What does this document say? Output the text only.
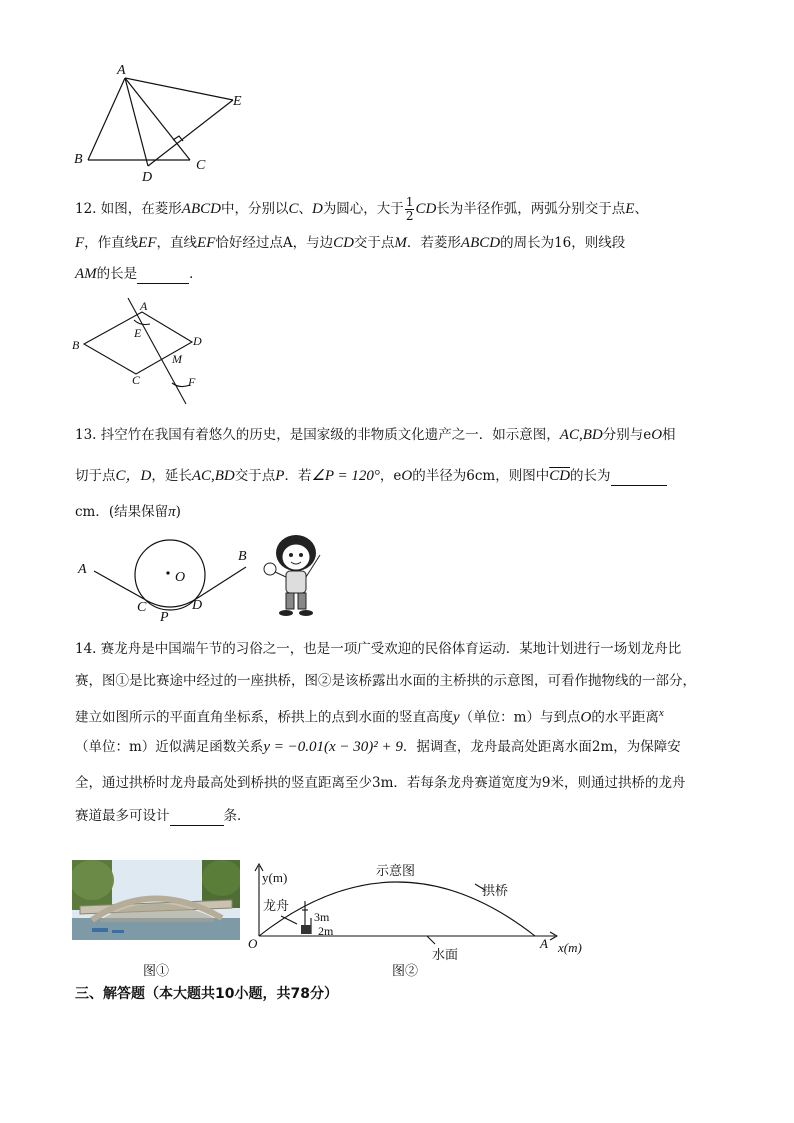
A
E
B	C
D
12. 如图，在菱形ABCD中，分别以C、D为圆心，大于 $\frac{1}{2}$ CD长为半径作弧，两弧分别交于点E、
F，作直线EF，直线EF恰好经过点A，与边CD交于点M．若菱形ABCD的周长为16，则线段
AM的长是	．
A
E
B	D
M
C	F
13. 抖空竹在我国有着悠久的历史，是国家级的非物质文化遗产之一．如示意图，AC,BD分别与eO相
切于点C，D，延长AC,BD交于点P．若∠P = 120°，eO的半径为6cm，则图中$\overline{CD}$的长为
cm．(结果保留π)
A
O
B
C	D
P
14. 赛龙舟是中国端午节的习俗之一，也是一项广受欢迎的民俗体育运动．某地计划进行一场划龙舟比
赛，图①是比赛途中经过的一座拱桥，图②是该桥露出水面的主桥拱的示意图，可看作抛物线的一部分，
建立如图所示的平面直角坐标系，桥拱上的点到水面的竖直高度y（单位：m）与到点O的水平距离$^x$
（单位：m）近似满足函数关系y = −0.01(x − 30)² + 9．据调查，龙舟最高处距离水面2m，为保障安
全，通过拱桥时龙舟最高处到桥拱的竖直距离至少3m．若每条龙舟赛道宽度为9米，则通过拱桥的龙舟
赛道最多可设计	条．
图①
示意图
y(m)
拱桥
龙舟
3m
2m
O
水面
A x(m)
图②
三、解答题（本大题共10小题，共78分）
